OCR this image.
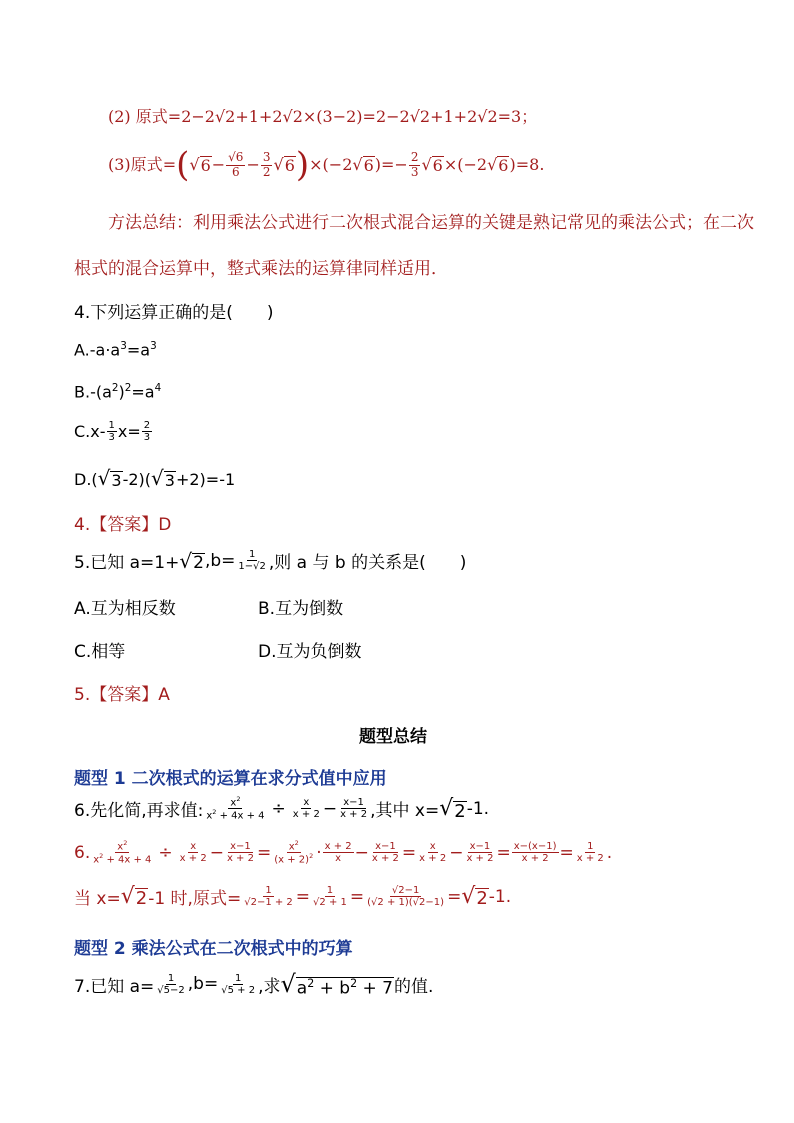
(2) 原式=2−2√2+1+2√2×(3−2)=2−2√2+1+2√2=3；
(3) 原式 = ( √ $6 - \frac{√6}{6} - \frac{3}{2}$ √ 6 ) ×(−2 √ 6 )=− $\frac{2}{3}$ √ 6 ×(−2 √ 6 ) =8.
方法总结：利用乘法公式进行二次根式混合运算的关键是熟记常见的乘法公式；在二次根式的混合运算中，整式乘法的运算律同样适用．
4.下列运算正确的是(　　)
$A.-a\cdot a^3=a^3$
$B.-(a^2)^2=a^4$
$C.x- \frac{1}{3} x= \frac{2}{3}$
D.( √ 3 -2)( √ 3 +2)=-1
4.【答案】D
5.已知 a=1+ √ 2 $,b= \frac{1}{1-√2}$ ,则 a 与 b 的关系是(　　)
A.互为相反数	B.互为倒数
C.相等	D.互为负倒数
5.【答案】A
题型总结
题型 1 二次根式的运算在求分式值中应用
6.先化简,再求值: $\frac{x^2}{x^2 + 4x + 4} \div \frac{x}{x + 2} - \frac{x-1}{x + 2}$ ,其中 x= √ 2 -1.
6. $\frac{x^2}{x^2 + 4x + 4} \div \frac{x}{x + 2} - \frac{x-1}{x + 2} = \frac{x^2}{(x + 2)^2} \cdot \frac{x + 2}{x} - \frac{x-1}{x + 2} = \frac{x}{x + 2} - \frac{x-1}{x + 2} = \frac{x-(x-1)}{x + 2} = \frac{1}{x + 2}$ .
当 x= √ 2 -1 时,原式= $\frac{1}{√2-1 + 2} = \frac{1}{√2 + 1} = \frac{√2-1}{(√2 + 1)(√2-1)}$ = √ 2 -1.
题型 2 乘法公式在二次根式中的巧算
7.已知 $a= \frac{1}{√5-2} ,b= \frac{1}{√5 + 2}$ ,求 √ $a^2 + b^2 + 7$ 的值.
